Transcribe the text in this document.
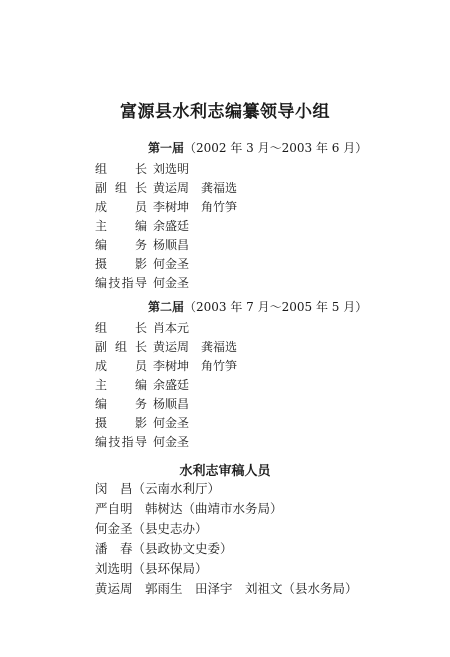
富源县水利志编纂领导小组
第一届（2002 年 3 月～2003 年 6 月）
组长 刘选明
副组长 黄运周 龚福选
成员 李树坤 角竹笋
主编 余盛廷
编务 杨顺昌
摄影 何金圣
编技指导 何金圣
第二届（2003 年 7 月～2005 年 5 月）
组长 肖本元
副组长 黄运周 龚福选
成员 李树坤 角竹笋
主编 余盛廷
编务 杨顺昌
摄影 何金圣
编技指导 何金圣
水利志审稿人员
闵　昌（云南水利厅）
严自明　韩树达（曲靖市水务局）
何金圣（县史志办）
潘　春（县政协文史委）
刘选明（县环保局）
黄运周　郭雨生　田泽宇　刘祖文（县水务局）
